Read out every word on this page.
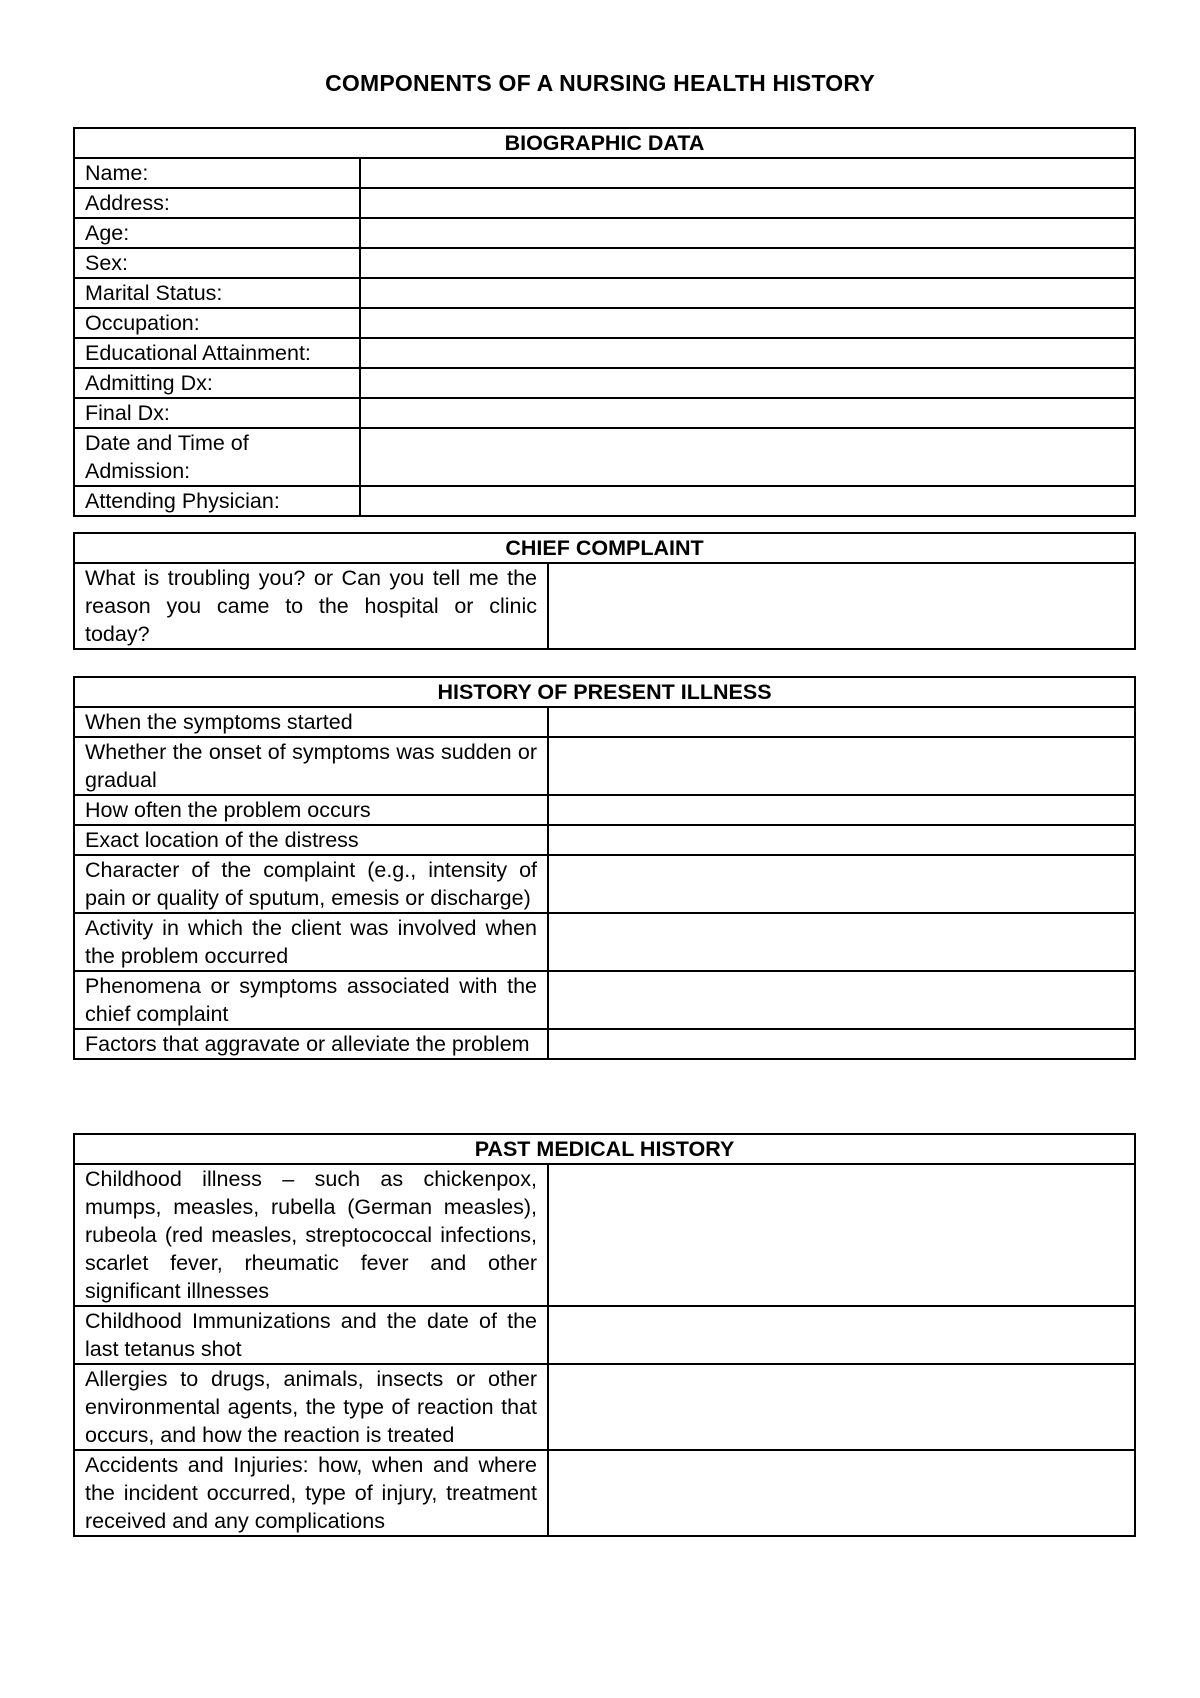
COMPONENTS OF A NURSING HEALTH HISTORY
BIOGRAPHIC DATA	
Name:	
Address:	
Age:	
Sex:	
Marital Status:	
Occupation:	
Educational Attainment:	
Admitting Dx:	
Final Dx:	
Date and Time of Admission:	
Attending Physician:	
CHIEF COMPLAINT
What is troubling you? or Can you tell me the reason you came to the hospital or clinic today?	
HISTORY OF PRESENT ILLNESS	
When the symptoms started	
Whether the onset of symptoms was sudden or gradual	
How often the problem occurs	
Exact location of the distress	
Character of the complaint (e.g., intensity of pain or quality of sputum, emesis or discharge)	
Activity in which the client was involved when the problem occurred	
Phenomena or symptoms associated with the chief complaint	
Factors that aggravate or alleviate the problem	
PAST MEDICAL HISTORY	
Childhood illness – such as chickenpox, mumps, measles, rubella (German measles), rubeola (red measles, streptococcal infections, scarlet fever, rheumatic fever and other significant illnesses	
Childhood Immunizations and the date of the last tetanus shot	
Allergies to drugs, animals, insects or other environmental agents, the type of reaction that occurs, and how the reaction is treated	
Accidents and Injuries: how, when and where the incident occurred, type of injury, treatment received and any complications	
